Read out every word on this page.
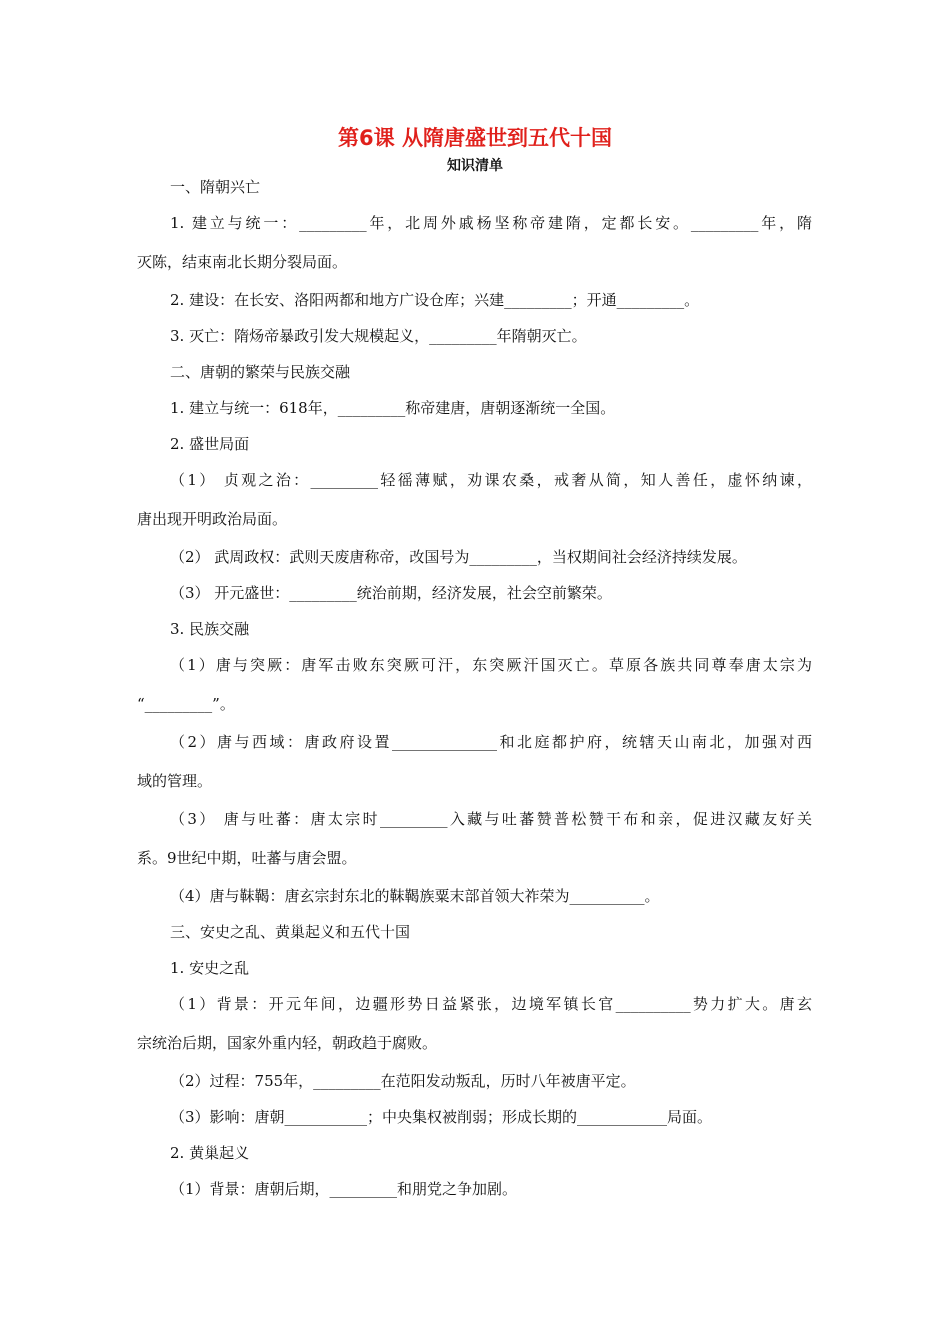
第6课 从隋唐盛世到五代十国
知识清单
一、隋朝兴亡
1. 建立与统一：_________年，北周外戚杨坚称帝建隋，定都长安。_________年，隋
灭陈，结束南北长期分裂局面。
2. 建设：在长安、洛阳两都和地方广设仓库；兴建_________；开通_________。
3. 灭亡：隋炀帝暴政引发大规模起义，_________年隋朝灭亡。
二、唐朝的繁荣与民族交融
1. 建立与统一：618年，_________称帝建唐，唐朝逐渐统一全国。
2. 盛世局面
（1） 贞观之治：_________轻徭薄赋，劝课农桑，戒奢从简，知人善任，虚怀纳谏，
唐出现开明政治局面。
（2） 武周政权：武则天废唐称帝，改国号为_________，当权期间社会经济持续发展。
（3） 开元盛世：_________统治前期，经济发展，社会空前繁荣。
3. 民族交融
（1）唐与突厥：唐军击败东突厥可汗，东突厥汗国灭亡。草原各族共同尊奉唐太宗为
“_________”。
（2）唐与西域：唐政府设置______________和北庭都护府，统辖天山南北，加强对西
域的管理。
（3） 唐与吐蕃：唐太宗时_________入藏与吐蕃赞普松赞干布和亲，促进汉藏友好关
系。9世纪中期，吐蕃与唐会盟。
（4）唐与靺鞨：唐玄宗封东北的靺鞨族粟末部首领大祚荣为__________。
三、安史之乱、黄巢起义和五代十国
1. 安史之乱
（1）背景：开元年间，边疆形势日益紧张，边境军镇长官__________势力扩大。唐玄
宗统治后期，国家外重内轻，朝政趋于腐败。
（2）过程：755年，_________在范阳发动叛乱，历时八年被唐平定。
（3）影响：唐朝___________；中央集权被削弱；形成长期的____________局面。
2. 黄巢起义
（1）背景：唐朝后期，_________和朋党之争加剧。
